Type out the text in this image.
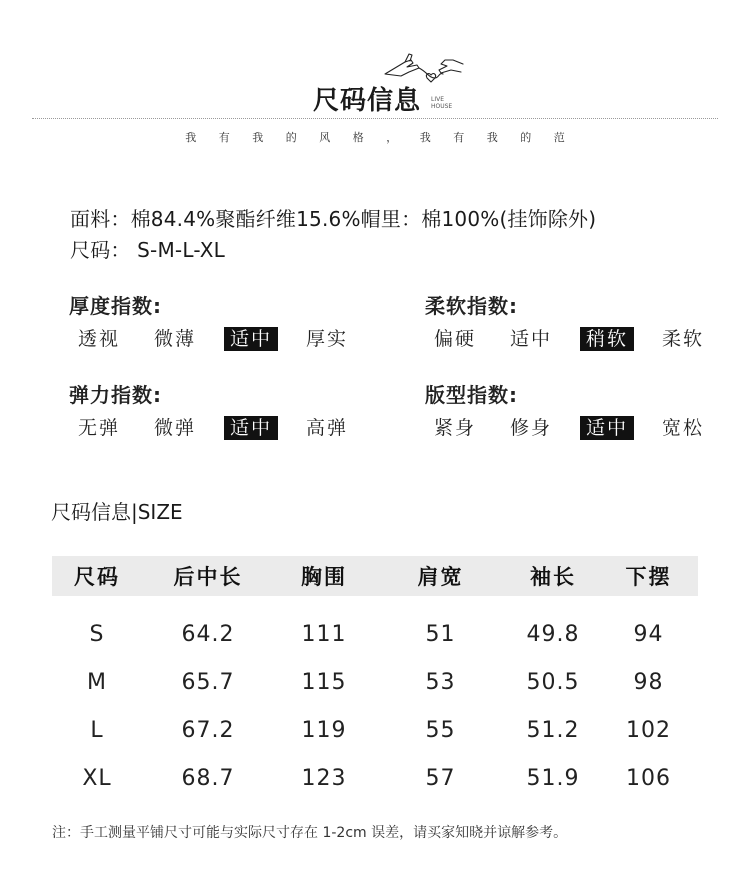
尺码信息 LIVE
HOUSE
我	有	我	的	风	格	，	我	有	我	的	范
面料：棉84.4%聚酯纤维15.6%帽里：棉100%(挂饰除外)
尺码： S-M-L-XL
厚度指数:
透视	微薄	适中	厚实
柔软指数:
偏硬	适中	稍软	柔软
弹力指数:
无弹	微弹	适中	高弹
版型指数:
紧身	修身	适中	宽松
尺码信息|SIZE
尺码	后中长	胸围	肩宽	袖长	下摆
S	64.2	111	51	49.8	94
M	65.7	115	53	50.5	98
L	67.2	119	55	51.2	102
XL	68.7	123	57	51.9	106
注：手工测量平铺尺寸可能与实际尺寸存在 1-2cm 误差，请买家知晓并谅解参考。
